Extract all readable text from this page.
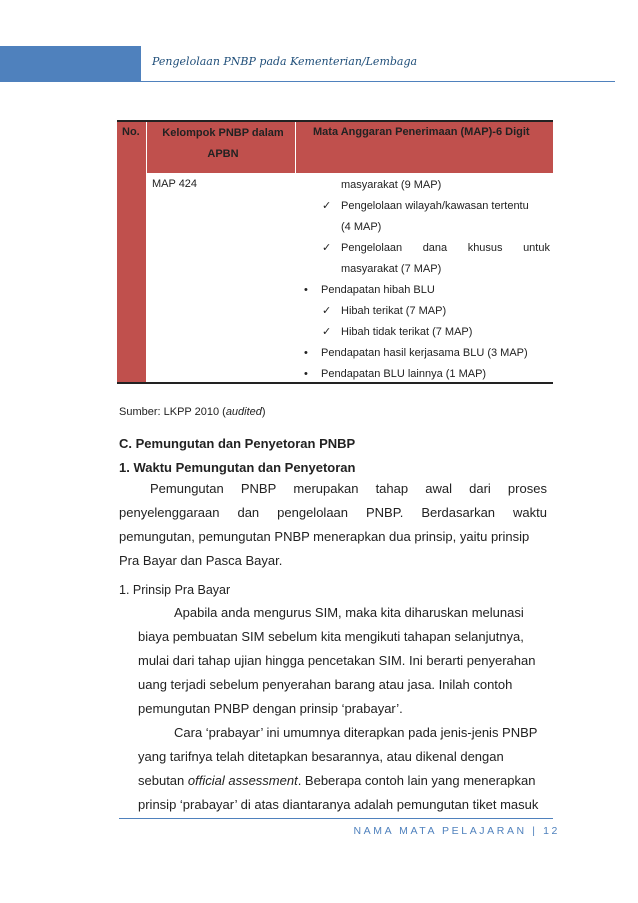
Pengelolaan PNBP pada Kementerian/Lembaga
No.	Kelompok PNBP dalam
APBN
Mata Anggaran Penerimaan (MAP)-6 Digit
MAP 424	masyarakat (9 MAP)
✓ Pengelolaan wilayah/kawasan tertentu
(4 MAP)
✓ Pengelolaan dana khusus untuk
masyarakat (7 MAP)
• Pendapatan hibah BLU
✓ Hibah terikat (7 MAP)
✓ Hibah tidak terikat (7 MAP)
• Pendapatan hasil kerjasama BLU (3 MAP)
• Pendapatan BLU lainnya (1 MAP)
Sumber: LKPP 2010 (audited)
C. Pemungutan dan Penyetoran PNBP
1. Waktu Pemungutan dan Penyetoran
Pemungutan PNBP merupakan tahap awal dari proses
penyelenggaraan dan pengelolaan PNBP. Berdasarkan waktu
pemungutan, pemungutan PNBP menerapkan dua prinsip, yaitu prinsip
Pra Bayar dan Pasca Bayar.
1. Prinsip Pra Bayar
Apabila anda mengurus SIM, maka kita diharuskan melunasi
biaya pembuatan SIM sebelum kita mengikuti tahapan selanjutnya,
mulai dari tahap ujian hingga pencetakan SIM. Ini berarti penyerahan
uang terjadi sebelum penyerahan barang atau jasa. Inilah contoh
pemungutan PNBP dengan prinsip ‘prabayar’.
Cara ‘prabayar’ ini umumnya diterapkan pada jenis-jenis PNBP
yang tarifnya telah ditetapkan besarannya, atau dikenal dengan
sebutan official assessment. Beberapa contoh lain yang menerapkan
prinsip ‘prabayar’ di atas diantaranya adalah pemungutan tiket masuk
NAMA MATA PELAJARAN | 12
